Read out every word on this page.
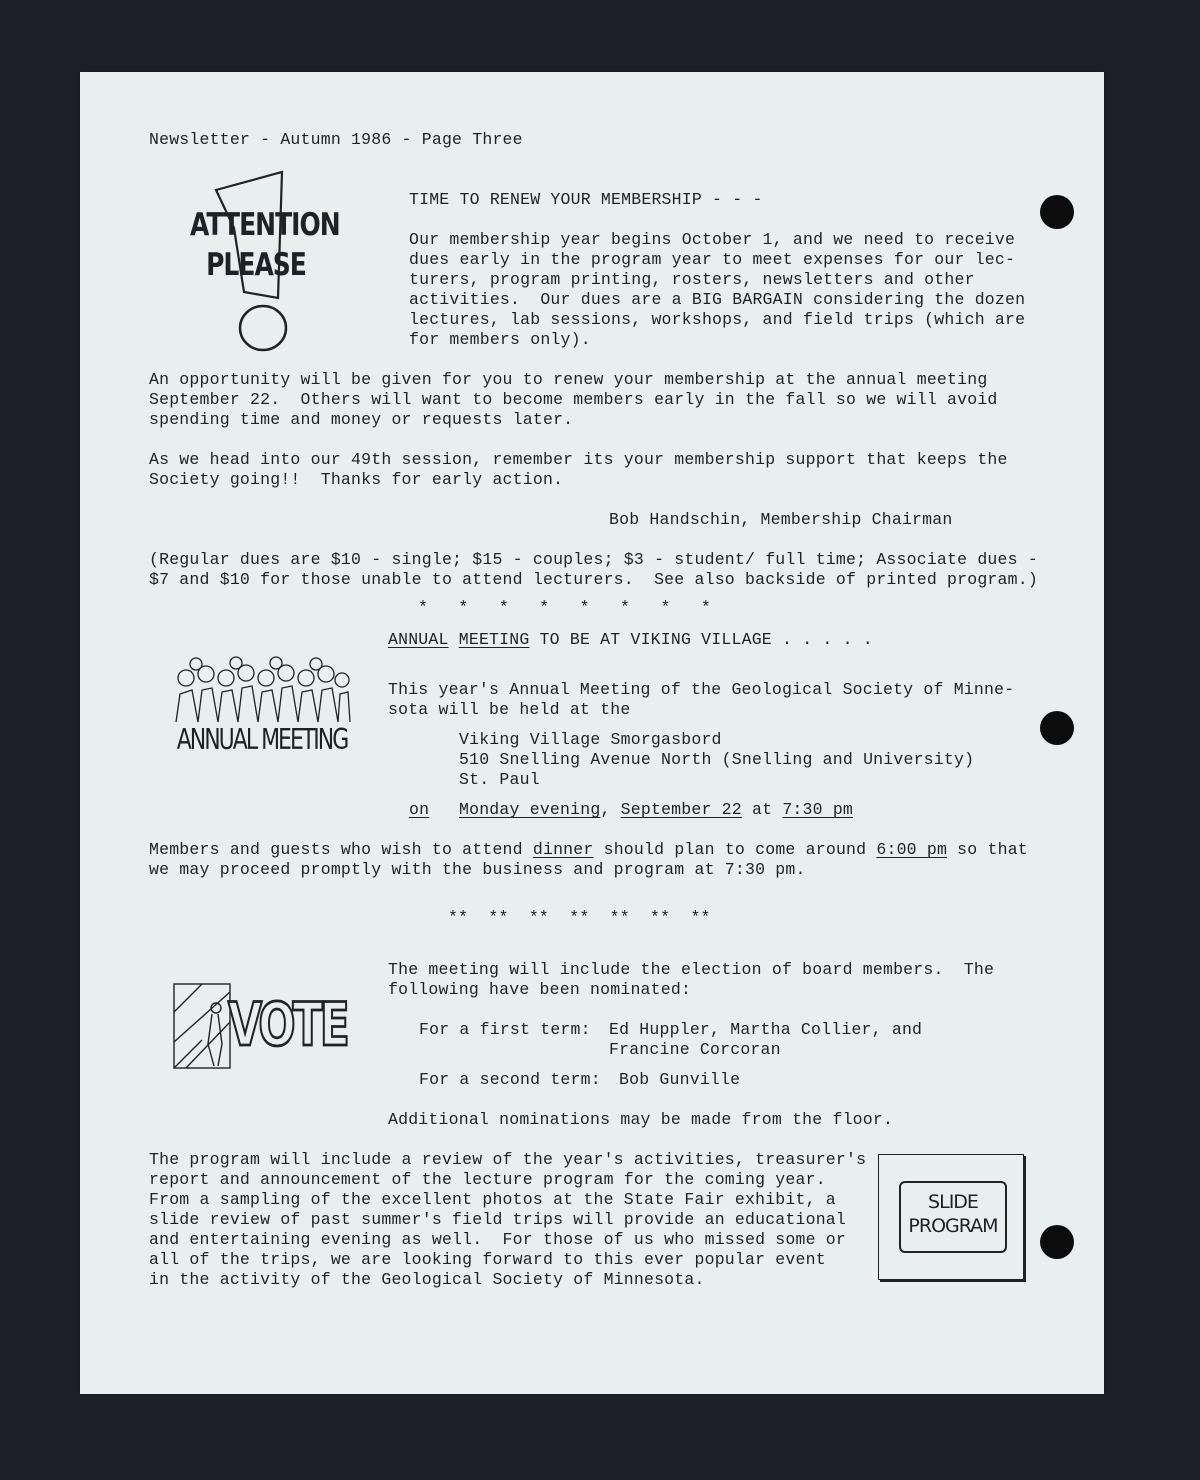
Newsletter - Autumn 1986 - Page Three
ATTENTION
PLEASE
TIME TO RENEW YOUR MEMBERSHIP - - -
Our membership year begins October 1, and we need to receive
dues early in the program year to meet expenses for our lec-
turers, program printing, rosters, newsletters and other
activities.  Our dues are a BIG BARGAIN considering the dozen
lectures, lab sessions, workshops, and field trips (which are
for members only).
An opportunity will be given for you to renew your membership at the annual meeting
September 22.  Others will want to become members early in the fall so we will avoid
spending time and money or requests later.
As we head into our 49th session, remember its your membership support that keeps the
Society going!!  Thanks for early action.
Bob Handschin, Membership Chairman
(Regular dues are $10 - single; $15 - couples; $3 - student/ full time; Associate dues -
$7 and $10 for those unable to attend lecturers.  See also backside of printed program.)
*   *   *   *   *   *   *   *
ANNUAL MEETING TO BE AT VIKING VILLAGE . . . . .
ANNUAL MEETING
This year's Annual Meeting of the Geological Society of Minne-
sota will be held at the
Viking Village Smorgasbord
510 Snelling Avenue North (Snelling and University)
St. Paul
on Monday evening, September 22 at 7:30 pm
Members and guests who wish to attend dinner should plan to come around 6:00 pm so that
we may proceed promptly with the business and program at 7:30 pm.
**  **  **  **  **  **  **
VOTE
The meeting will include the election of board members.  The
following have been nominated:
For a first term: Ed Huppler, Martha Collier, and
Francine Corcoran
For a second term: Bob Gunville
Additional nominations may be made from the floor.
The program will include a review of the year's activities, treasurer's
report and announcement of the lecture program for the coming year.
From a sampling of the excellent photos at the State Fair exhibit, a
slide review of past summer's field trips will provide an educational
and entertaining evening as well.  For those of us who missed some or
all of the trips, we are looking forward to this ever popular event
in the activity of the Geological Society of Minnesota.
SLIDE
PROGRAM
